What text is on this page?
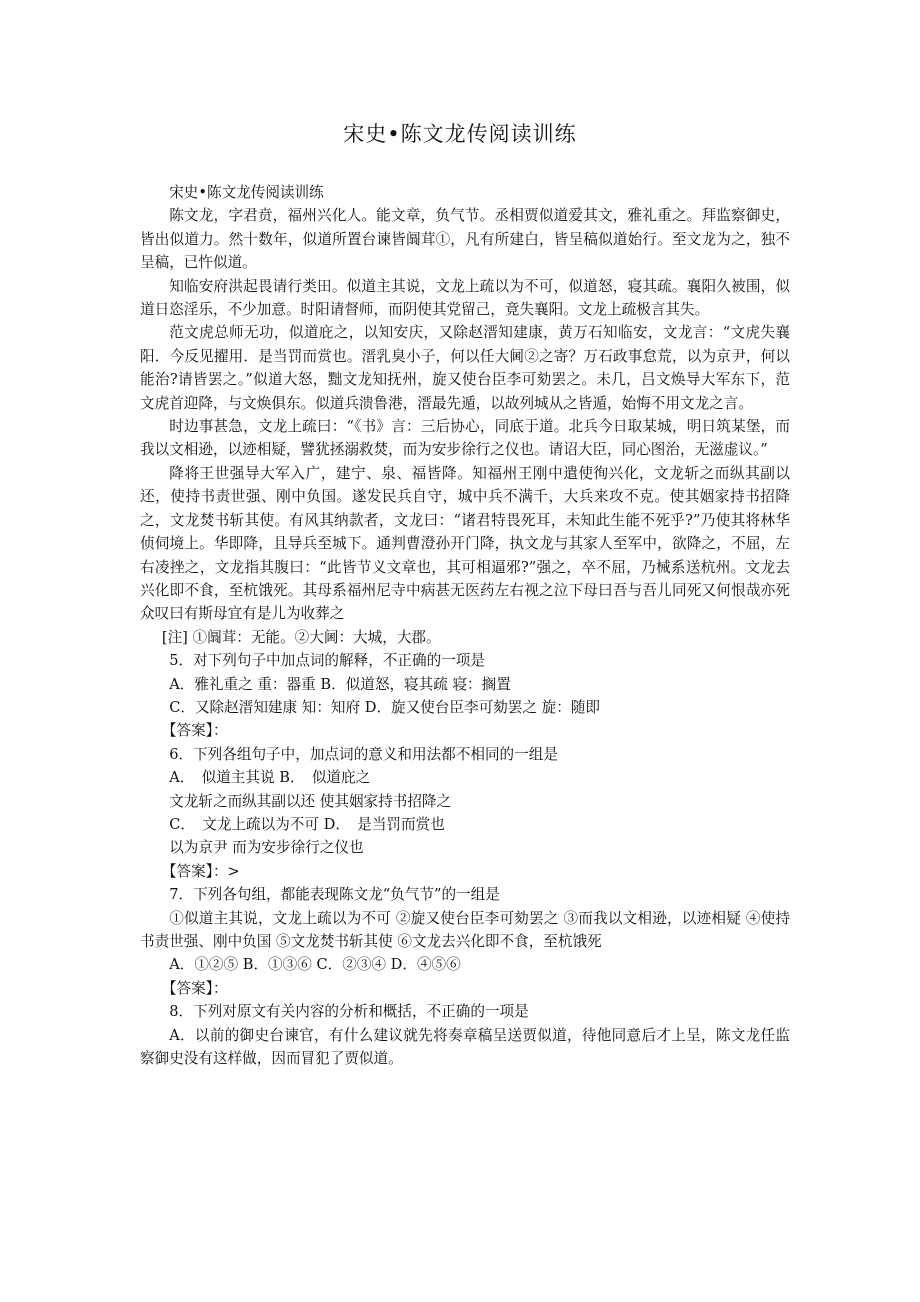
宋史•陈文龙传阅读训练

宋史•陈文龙传阅读训练

陈文龙，字君贲，福州兴化人。能文章，负气节。丞相贾似道爱其文，雅礼重之。拜监察御史，皆出似道力。然十数年，似道所置台谏皆阘茸①，凡有所建白，皆呈稿似道始行。至文龙为之，独不呈稿，已忤似道。

知临安府洪起畏请行类田。似道主其说，文龙上疏以为不可，似道怒，寝其疏。襄阳久被围，似道日恣淫乐，不少加意。时阳请督师，而阴使其党留己，竟失襄阳。文龙上疏极言其失。

范文虎总师无功，似道庇之，以知安庆，又除赵溍知建康，黄万石知临安，文龙言：“文虎失襄阳．今反见擢用．是当罚而赏也。溍乳臭小子，何以任大阃②之寄？万石政事怠荒，以为京尹，何以能治?请皆罢之。”似道大怒，黜文龙知抚州，旋又使台臣李可劾罢之。未几，吕文焕导大军东下，范文虎首迎降，与文焕俱东。似道兵溃鲁港，溍最先遁，以故列城从之皆遁，始悔不用文龙之言。

时边事甚急，文龙上疏曰：“《书》言：三后协心，同底于道。北兵今日取某城，明日筑某堡，而我以文相逊，以迹相疑，譬犹拯溺救焚，而为安步徐行之仪也。请诏大臣，同心图治，无滋虚议。”

降将王世强导大军入广，建宁、泉、福皆降。知福州王刚中遣使徇兴化，文龙斩之而纵其副以还，使持书责世强、刚中负国。遂发民兵自守，城中兵不满千，大兵来攻不克。使其姻家持书招降之，文龙焚书斩其使。有风其纳款者，文龙曰：“诸君特畏死耳，未知此生能不死乎?”乃使其将林华侦伺境上。华即降，且导兵至城下。通判曹澄孙开门降，执文龙与其家人至军中，欲降之，不屈，左右凌挫之，文龙指其腹曰：“此皆节义文章也，其可相逼邪?”强之，卒不屈，乃械系送杭州。文龙去兴化即不食，至杭饿死。其母系福州尼寺中病甚无医药左右视之泣下母曰吾与吾儿同死又何恨哉亦死众叹曰有斯母宜有是儿为收葬之

[注] ①阘茸：无能。②大阃：大城，大郡。

5．对下列句子中加点词的解释，不正确的一项是

A．雅礼重之 重：器重 B．似道怒，寝其疏 寝：搁置

C．又除赵溍知建康 知：知府 D．旋又使台臣李可劾罢之 旋：随即

【答案】：

6．下列各组句子中，加点词的意义和用法都不相同的一组是

A．　似道主其说 B．　似道庇之

文龙斩之而纵其副以还 使其姻家持书招降之

C．　文龙上疏以为不可 D．　是当罚而赏也

以为京尹 而为安步徐行之仪也

【答案】：>

7．下列各句组，都能表现陈文龙“负气节”的一组是

①似道主其说，文龙上疏以为不可 ②旋又使台臣李可劾罢之 ③而我以文相逊，以迹相疑 ④使持书责世强、刚中负国 ⑤文龙焚书斩其使 ⑥文龙去兴化即不食，至杭饿死

A．①②⑤ B．①③⑥ C．②③④ D．④⑤⑥

【答案】：

8．下列对原文有关内容的分析和概括，不正确的一项是

A．以前的御史台谏官，有什么建议就先将奏章稿呈送贾似道，待他同意后才上呈，陈文龙任监察御史没有这样做，因而冒犯了贾似道。
